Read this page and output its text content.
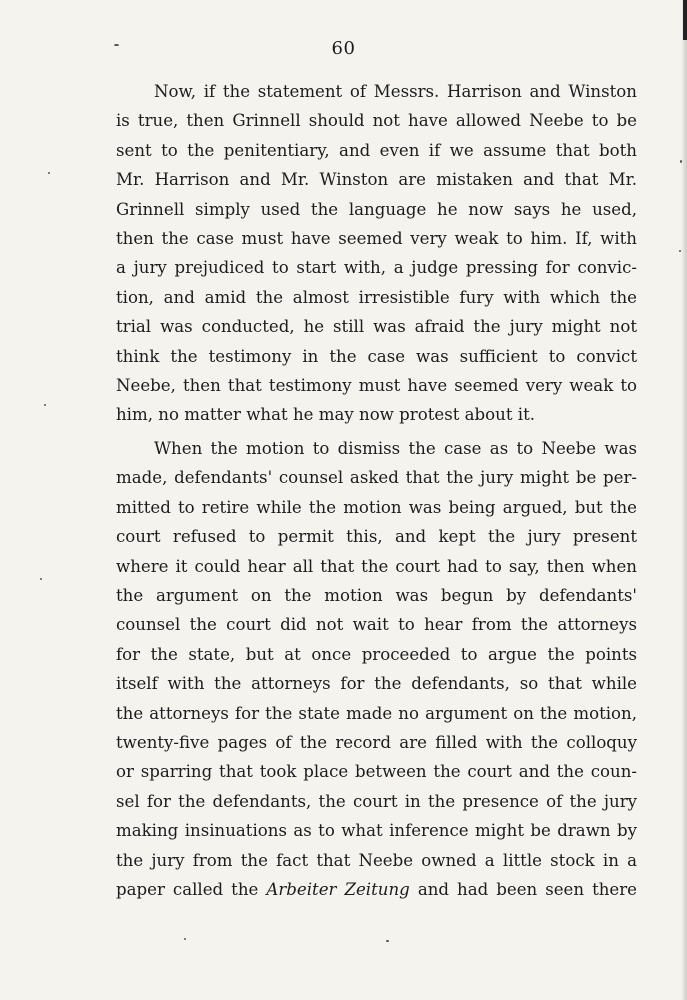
60
Now, if the statement of Messrs. Harrison and Winston
is true, then Grinnell should not have allowed Neebe to be
sent to the penitentiary, and even if we assume that both
Mr. Harrison and Mr. Winston are mistaken and that Mr.
Grinnell simply used the language he now says he used,
then the case must have seemed very weak to him. If, with
a jury prejudiced to start with, a judge pressing for convic-
tion, and amid the almost irresistible fury with which the
trial was conducted, he still was afraid the jury might not
think the testimony in the case was sufficient to convict
Neebe, then that testimony must have seemed very weak to
him, no matter what he may now protest about it.
When the motion to dismiss the case as to Neebe was
made, defendants' counsel asked that the jury might be per-
mitted to retire while the motion was being argued, but the
court refused to permit this, and kept the jury present
where it could hear all that the court had to say, then when
the argument on the motion was begun by defendants'
counsel the court did not wait to hear from the attorneys
for the state, but at once proceeded to argue the points
itself with the attorneys for the defendants, so that while
the attorneys for the state made no argument on the motion,
twenty-five pages of the record are filled with the colloquy
or sparring that took place between the court and the coun-
sel for the defendants, the court in the presence of the jury
making insinuations as to what inference might be drawn by
the jury from the fact that Neebe owned a little stock in a
paper called the Arbeiter Zeitung and had been seen there
